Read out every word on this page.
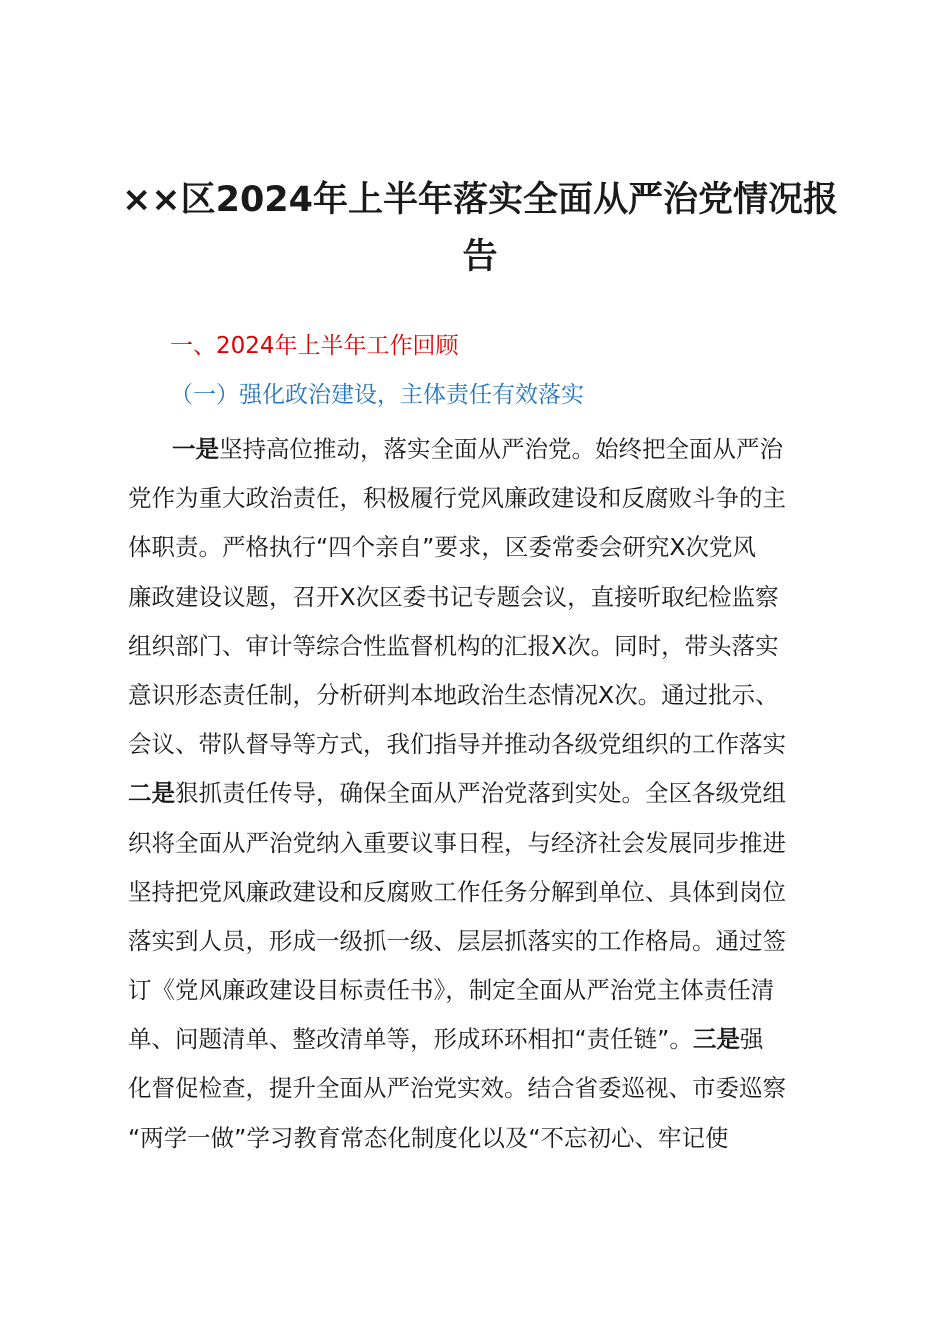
××区2024年上半年落实全面从严治党情况报
告
一、2024年上半年工作回顾
（一）强化政治建设，主体责任有效落实
一是坚持高位推动，落实全面从严治党。始终把全面从严治
党作为重大政治责任，积极履行党风廉政建设和反腐败斗争的主
体职责。严格执行“四个亲自”要求，区委常委会研究X次党风
廉政建设议题，召开X次区委书记专题会议，直接听取纪检监察
组织部门、审计等综合性监督机构的汇报X次。同时，带头落实
意识形态责任制，分析研判本地政治生态情况X次。通过批示、
会议、带队督导等方式，我们指导并推动各级党组织的工作落实
二是狠抓责任传导，确保全面从严治党落到实处。全区各级党组
织将全面从严治党纳入重要议事日程，与经济社会发展同步推进
坚持把党风廉政建设和反腐败工作任务分解到单位、具体到岗位
落实到人员，形成一级抓一级、层层抓落实的工作格局。通过签
订《党风廉政建设目标责任书》，制定全面从严治党主体责任清
单、问题清单、整改清单等，形成环环相扣“责任链”。三是强
化督促检查，提升全面从严治党实效。结合省委巡视、市委巡察
“两学一做”学习教育常态化制度化以及“不忘初心、牢记使
